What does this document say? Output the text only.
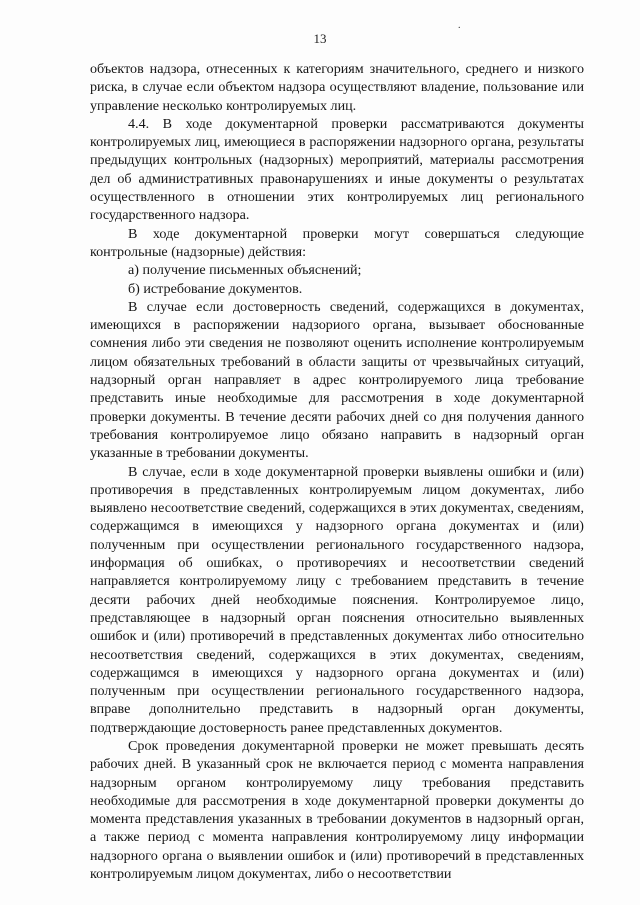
.
13

объектов надзора, отнесенных к категориям значительного, среднего и низкого риска, в случае если объектом надзора осуществляют владение, пользование или управление несколько контролируемых лиц.

4.4. В ходе документарной проверки рассматриваются документы контролируемых лиц, имеющиеся в распоряжении надзорного органа, результаты предыдущих контрольных (надзорных) мероприятий, материалы рассмотрения дел об административных правонарушениях и иные документы о результатах осуществленного в отношении этих контролируемых лиц регионального государственного надзора.

В ходе документарной проверки могут совершаться следующие контрольные (надзорные) действия:

а) получение письменных объяснений;

б) истребование документов.

В случае если достоверность сведений, содержащихся в документах, имеющихся в распоряжении надзориого органа, вызывает обоснованные сомнения либо эти сведения не позволяют оценить исполнение контролируемым лицом обязательных требований в области защиты от чрезвычайных ситуаций, надзорный орган направляет в адрес контролируемого лица требование представить иные необходимые для рассмотрения в ходе документарной проверки документы. В течение десяти рабочих дней со дня получения данного требования контролируемое лицо обязано направить в надзорный орган указанные в требовании документы.

В случае, если в ходе документарной проверки выявлены ошибки и (или) противоречия в представленных контролируемым лицом документах, либо выявлено несоответствие сведений, содержащихся в этих документах, сведениям, содержащимся в имеющихся у надзорного органа документах и (или) полученным при осуществлении регионального государственного надзора, информация об ошибках, о противоречиях и несоответствии сведений направляется контролируемому лицу с требованием представить в течение десяти рабочих дней необходимые пояснения. Контролируемое лицо, представляющее в надзорный орган пояснения относительно выявленных ошибок и (или) противоречий в представленных документах либо относительно несоответствия сведений, содержащихся в этих документах, сведениям, содержащимся в имеющихся у надзорного органа документах и (или) полученным при осуществлении регионального государственного надзора, вправе дополнительно представить в надзорный орган документы, подтверждающие достоверность ранее представленных документов.

Срок проведения документарной проверки не может превышать десять рабочих дней. В указанный срок не включается период с момента направления надзорным органом контролируемому лицу требования представить необходимые для рассмотрения в ходе документарной проверки документы до момента представления указанных в требовании документов в надзорный орган, а также период с момента направления контролируемому лицу информации надзорного органа о выявлении ошибок и (или) противоречий в представленных контролируемым лицом документах, либо о несоответствии
